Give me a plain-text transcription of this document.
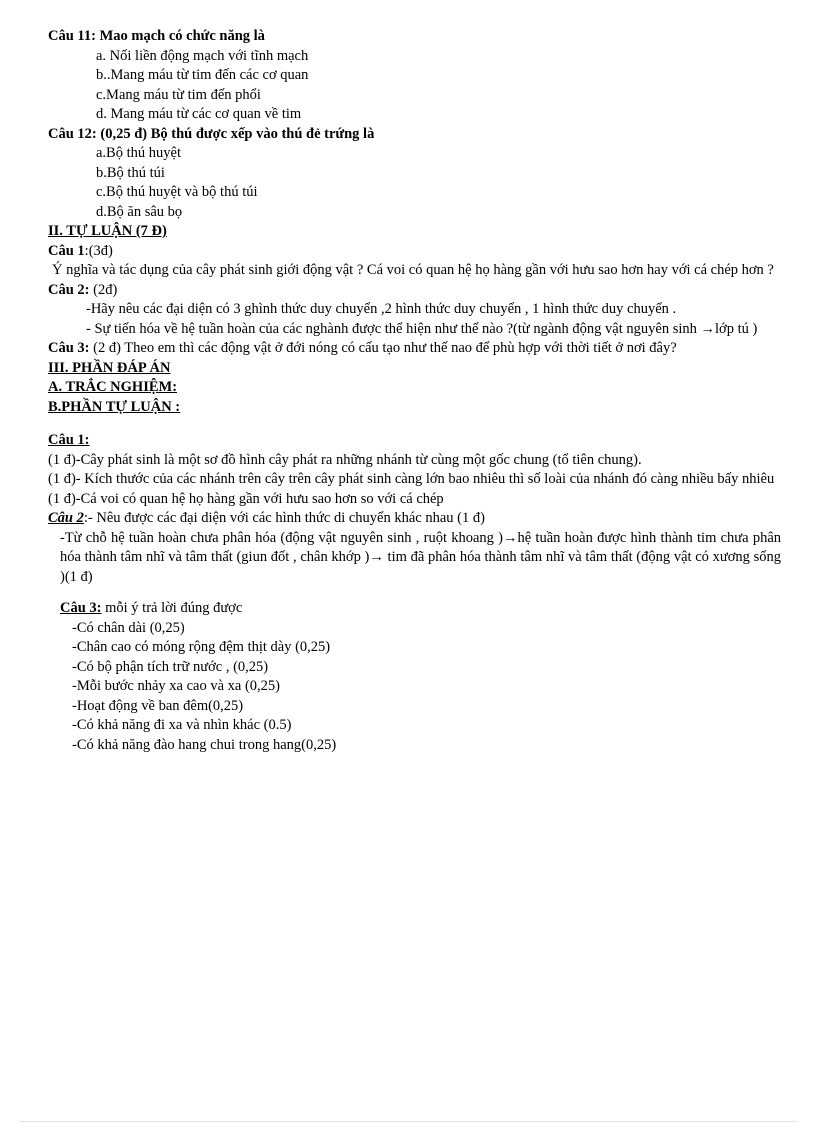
Câu 11: Mao mạch có chức năng là
a. Nối liền động mạch với tĩnh mạch
b..Mang máu từ tim đến các cơ quan
c.Mang máu từ tim đến phổi
d. Mang máu từ các cơ quan về tim
Câu 12: (0,25 đ) Bộ thú được xếp vào thú đẻ trứng là
a.Bộ thú huyệt
b.Bộ thú túi
c.Bộ thú huyệt và bộ thú túi
d.Bộ ăn sâu bọ
II. TỰ LUẬN (7 Đ)
Câu 1:(3đ)
Ý nghĩa và tác dụng của cây phát sinh giới động vật ? Cá voi có quan hệ họ hàng gần với hưu sao hơn hay với cá chép hơn ?
Câu 2: (2đ)
-Hãy nêu các đại diện có 3 ghình thức duy chuyển ,2 hình thức duy chuyển , 1 hình thức duy chuyển .
- Sự tiến hóa về hệ tuần hoàn của các nghành được thể hiện như thế nào ?(từ ngành động vật nguyên sinh →lớp tú )
Câu 3: (2 đ) Theo em thì các động vật ở đới nóng có cấu tạo như thế nao để phù hợp với thời tiết ở nơi đây?
III. PHẦN ĐÁP ÁN
A. TRẮC NGHIỆM:
B.PHẦN TỰ LUẬN :
Câu 1:
(1 đ)-Cây phát sinh là một sơ đồ hình cây phát ra những nhánh từ cùng một gốc chung (tổ tiên chung).
(1 đ)- Kích thước của các nhánh trên cây trên cây phát sinh càng lớn bao nhiêu thì số loài của nhánh đó càng nhiều bấy nhiêu
(1 đ)-Cá voi có quan hệ họ hàng gần với hưu sao hơn so với cá chép
Câu 2:- Nêu được các đại diện với các hình thức di chuyển khác nhau (1 đ)
-Từ chỗ hệ tuần hoàn chưa phân hóa (động vật nguyên sinh , ruột khoang )→hệ tuần hoàn được hình thành tim chưa phân hóa thành tâm nhĩ và tâm thất (giun đốt , chân khớp )→ tim đã phân hóa thành tâm nhĩ và tâm thất (động vật có xương sống )(1 đ)
Câu 3: mỗi ý trả lời đúng được
-Có chân dài (0,25)
-Chân cao có móng rộng đệm thịt dày (0,25)
-Có bộ phận tích trữ nước , (0,25)
-Mỗi bước nhảy xa cao và xa (0,25)
-Hoạt động về ban đêm(0,25)
-Có khả năng đi xa và nhìn khác (0.5)
-Có khả năng đào hang chui trong hang(0,25)
